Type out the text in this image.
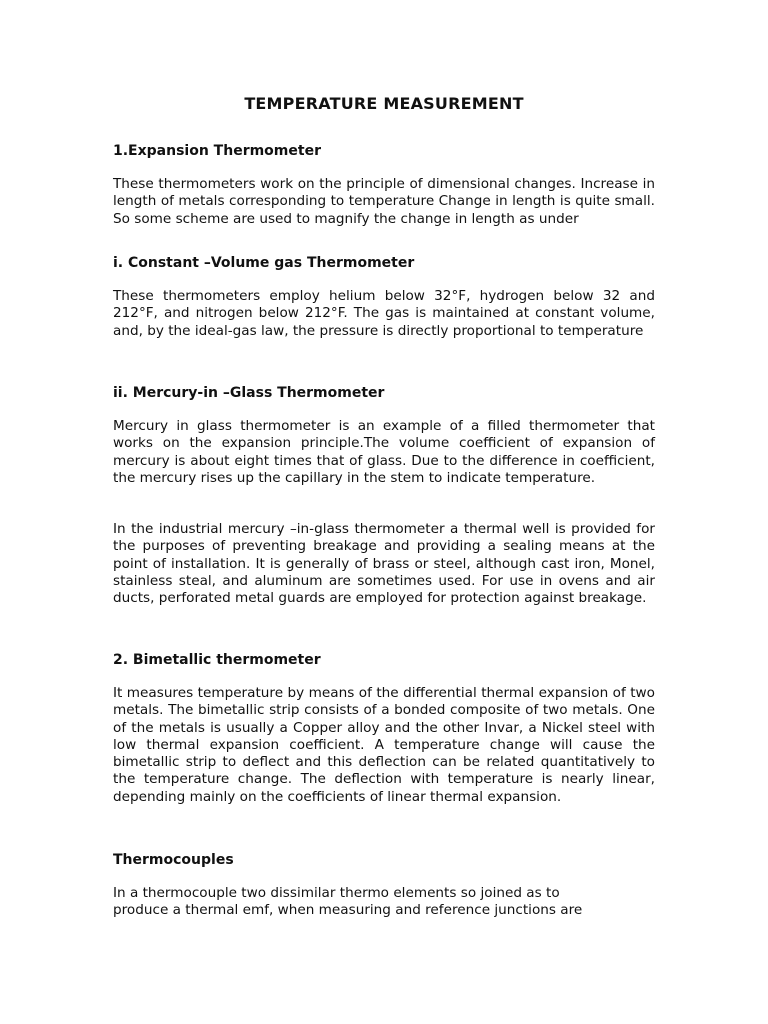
TEMPERATURE MEASUREMENT
1.Expansion Thermometer

These thermometers work on the principle of dimensional changes. Increase in length of metals corresponding to temperature Change in length is quite small. So some scheme are used to magnify the change in length as under

i. Constant –Volume gas Thermometer

These thermometers employ helium below 32°F, hydrogen below 32 and 212°F, and nitrogen below 212°F. The gas is maintained at constant volume, and, by the ideal-gas law, the pressure is directly proportional to temperature

ii. Mercury-in –Glass Thermometer

Mercury in glass thermometer is an example of a filled thermometer that works on the expansion principle.The volume coefficient of expansion of mercury is about eight times that of glass. Due to the difference in coefficient, the mercury rises up the capillary in the stem to indicate temperature.

In the industrial mercury –in-glass thermometer a thermal well is provided for the purposes of preventing breakage and providing a sealing means at the point of installation. It is generally of brass or steel, although cast iron, Monel, stainless steal, and aluminum are sometimes used. For use in ovens and air ducts, perforated metal guards are employed for protection against breakage.

2. Bimetallic thermometer

It measures temperature by means of the differential thermal expansion of two metals. The bimetallic strip consists of a bonded composite of two metals. One of the metals is usually a Copper alloy and the other Invar, a Nickel steel with low thermal expansion coefficient. A temperature change will cause the bimetallic strip to deflect and this deflection can be related quantitatively to the temperature change. The deflection with temperature is nearly linear, depending mainly on the coefficients of linear thermal expansion.

Thermocouples

In a thermocouple two dissimilar thermo elements so joined as to produce a thermal emf, when measuring and reference junctions are
